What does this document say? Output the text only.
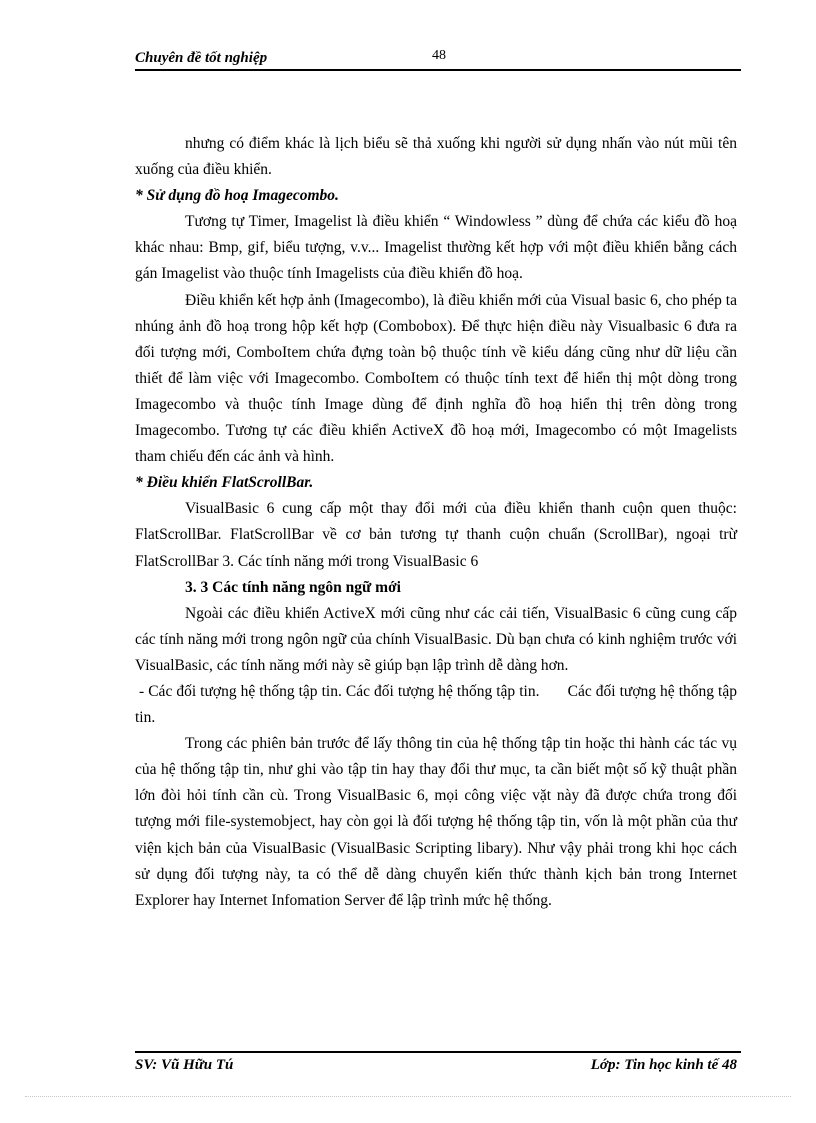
Chuyên đề tốt nghiệp	48

nhưng có điểm khác là lịch biểu sẽ thả xuống khi người sử dụng nhấn vào nút mũi tên xuống của điều khiển.

* Sử dụng đồ hoạ Imagecombo.

Tương tự Timer, Imagelist là điều khiển “ Windowless ” dùng để chứa các kiểu đồ hoạ khác nhau: Bmp, gif, biểu tượng, v.v... Imagelist thường kết hợp với một điều khiển bằng cách gán Imagelist vào thuộc tính Imagelists của điều khiển đồ hoạ.

Điều khiển kết hợp ảnh (Imagecombo), là điều khiển mới của Visual basic 6, cho phép ta nhúng ảnh đồ hoạ trong hộp kết hợp (Combobox). Để thực hiện điều này Visualbasic 6 đưa ra đối tượng mới, ComboItem chứa đựng toàn bộ thuộc tính về kiểu dáng cũng như dữ liệu cần thiết để làm việc với Imagecombo. ComboItem có thuộc tính text để hiển thị một dòng trong Imagecombo và thuộc tính Image dùng để định nghĩa đồ hoạ hiển thị trên dòng trong Imagecombo. Tương tự các điều khiển ActiveX đồ hoạ mới, Imagecombo có một Imagelists tham chiếu đến các ảnh và hình.

* Điều khiển FlatScrollBar.

VisualBasic 6 cung cấp một thay đổi mới của điều khiển thanh cuộn quen thuộc: FlatScrollBar. FlatScrollBar về cơ bản tương tự thanh cuộn chuẩn (ScrollBar), ngoại trừ FlatScrollBar 3. Các tính năng mới trong VisualBasic 6

3. 3 Các tính năng ngôn ngữ mới

Ngoài các điều khiển ActiveX mới cũng như các cải tiến, VisualBasic 6 cũng cung cấp các tính năng mới trong ngôn ngữ của chính VisualBasic. Dù bạn chưa có kinh nghiệm trước với VisualBasic, các tính năng mới này sẽ giúp bạn lập trình dễ dàng hơn.

- Các đối tượng hệ thống tập tin. Các đối tượng hệ thống tập tin.       Các đối tượng hệ thống tập tin.

Trong các phiên bản trước để lấy thông tin của hệ thống tập tin hoặc thi hành các tác vụ của hệ thống tập tin, như ghi vào tập tin hay thay đổi thư mục, ta cần biết một số kỹ thuật phần lớn đòi hỏi tính cần cù. Trong VisualBasic 6, mọi công việc vặt này đã được chứa trong đối tượng mới file-systemobject, hay còn gọi là đối tượng hệ thống tập tin, vốn là một phần của thư viện kịch bản của VisualBasic (VisualBasic Scripting libary). Như vậy phải trong khi học cách sử dụng đối tượng này, ta có thể dễ dàng chuyển kiến thức thành kịch bản trong Internet Explorer hay Internet Infomation Server để lập trình mức hệ thống.

SV: Vũ Hữu Tú	Lớp: Tin học kinh tế 48
